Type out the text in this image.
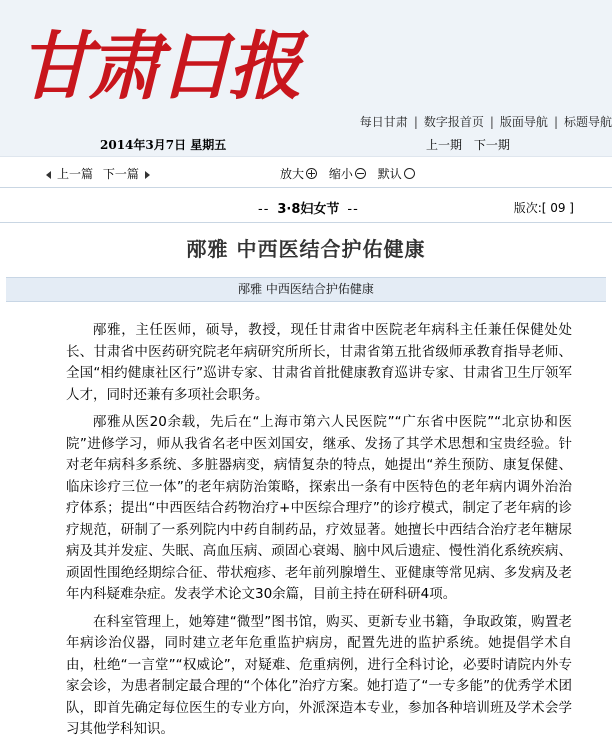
甘肃日报
每日甘肃 | 数字报首页 | 版面导航 | 标题导航
2014年3月7日 星期五	上一期 下一期
上一篇 下一篇	放大 缩小 默认
-- 3·8妇女节 --	版次:[ 09 ]
邴雅 中西医结合护佑健康
邴雅 中西医结合护佑健康

邴雅，主任医师，硕导，教授，现任甘肃省中医院老年病科主任兼任保健处处长、甘肃省中医药研究院老年病研究所所长，甘肃省第五批省级师承教育指导老师、全国“相约健康社区行”巡讲专家、甘肃省首批健康教育巡讲专家、甘肃省卫生厅领军人才，同时还兼有多项社会职务。

邴雅从医20余载，先后在“上海市第六人民医院”“广东省中医院”“北京协和医院”进修学习，师从我省名老中医刘国安，继承、发扬了其学术思想和宝贵经验。针对老年病科多系统、多脏器病变，病情复杂的特点，她提出“养生预防、康复保健、临床诊疗三位一体”的老年病防治策略，探索出一条有中医特色的老年病内调外治治疗体系；提出“中西医结合药物治疗+中医综合理疗”的诊疗模式，制定了老年病的诊疗规范，研制了一系列院内中药自制药品，疗效显著。她擅长中西结合治疗老年糖尿病及其并发症、失眠、高血压病、顽固心衰竭、脑中风后遗症、慢性消化系统疾病、顽固性围绝经期综合征、带状疱疹、老年前列腺增生、亚健康等常见病、多发病及老年内科疑难杂症。发表学术论文30余篇，目前主持在研科研4项。

在科室管理上，她筹建“微型”图书馆，购买、更新专业书籍，争取政策，购置老年病诊治仪器，同时建立老年危重监护病房，配置先进的监护系统。她提倡学术自由，杜绝“一言堂”“权威论”，对疑难、危重病例，进行全科讨论，必要时请院内外专家会诊，为患者制定最合理的“个体化”治疗方案。她打造了“一专多能”的优秀学术团队，即首先确定每位医生的专业方向，外派深造本专业，参加各种培训班及学术会学习其他学科知识。
